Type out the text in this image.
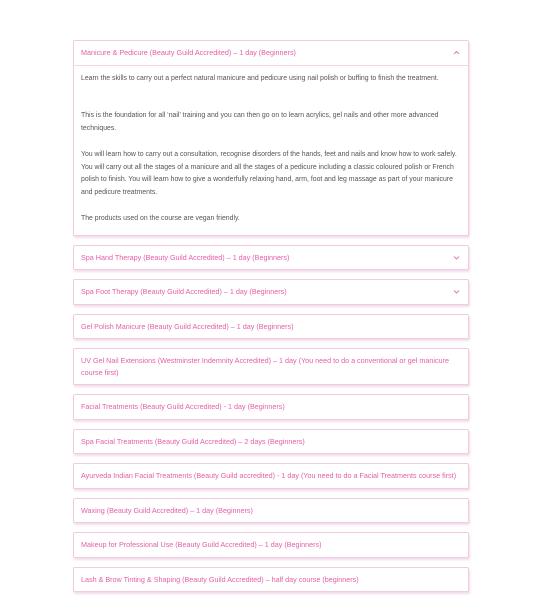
Manicure & Pedicure (Beauty Guild Accredited) – 1 day (Beginners)

Learn the skills to carry out a perfect natural manicure and pedicure using nail polish or buffing to finish the treatment.

This is the foundation for all ‘nail’ training and you can then go on to learn acrylics, gel nails and other more advanced techniques.

You will learn how to carry out a consultation, recognise disorders of the hands, feet and nails and know how to work safely. You will carry out all the stages of a manicure and all the stages of a pedicure including a classic coloured polish or French polish to finish. You will learn how to give a wonderfully relaxing hand, arm, foot and leg massage as part of your manicure and pedicure treatments.

The products used on the course are vegan friendly.

Spa Hand Therapy (Beauty Guild Accredited) – 1 day (Beginners)
Spa Foot Therapy (Beauty Guild Accredited) – 1 day (Beginners)
Gel Polish Manicure (Beauty Guild Accredited) – 1 day (Beginners)
UV Gel Nail Extensions (Westminster Indemnity Accredited) – 1 day (You need to do a conventional or gel manicure course first)
Facial Treatments (Beauty Guild Accredited) - 1 day (Beginners)
Spa Facial Treatments (Beauty Guild Accredited) – 2 days (Beginners)
Ayurveda Indian Facial Treatments (Beauty Guild accredited) - 1 day (You need to do a Facial Treatments course first)
Waxing (Beauty Guild Accredited) – 1 day (Beginners)
Makeup for Professional Use (Beauty Guild Accredited) – 1 day (Beginners)
Lash & Brow Tinting & Shaping (Beauty Guild Accredited) – half day course (beginners)
